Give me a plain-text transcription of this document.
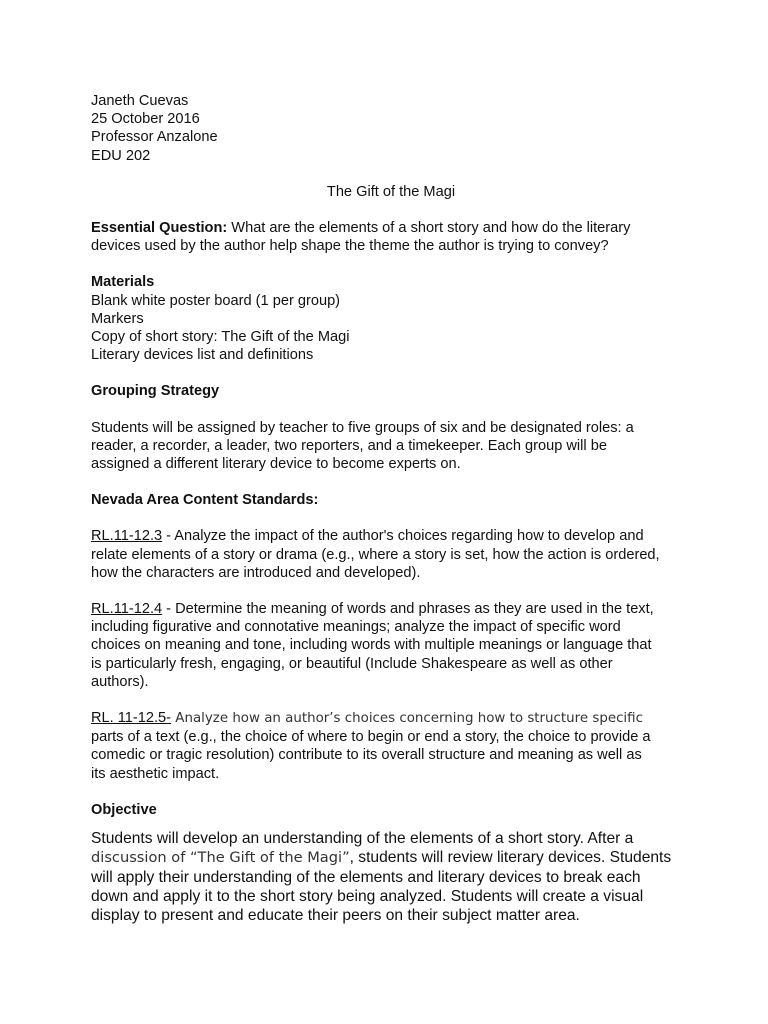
Janeth Cuevas
25 October 2016
Professor Anzalone
EDU 202
The Gift of the Magi
Essential Question: What are the elements of a short story and how do the literary
devices used by the author help shape the theme the author is trying to convey?
Materials
Blank white poster board (1 per group)
Markers
Copy of short story: The Gift of the Magi
Literary devices list and definitions
Grouping Strategy
Students will be assigned by teacher to five groups of six and be designated roles: a
reader, a recorder, a leader, two reporters, and a timekeeper. Each group will be
assigned a different literary device to become experts on.
Nevada Area Content Standards:
RL.11-12.3 - Analyze the impact of the author's choices regarding how to develop and
relate elements of a story or drama (e.g., where a story is set, how the action is ordered,
how the characters are introduced and developed).
RL.11-12.4 - Determine the meaning of words and phrases as they are used in the text,
including figurative and connotative meanings; analyze the impact of specific word
choices on meaning and tone, including words with multiple meanings or language that
is particularly fresh, engaging, or beautiful (Include Shakespeare as well as other
authors).
RL. 11-12.5- Analyze how an author’s choices concerning how to structure specific
parts of a text (e.g., the choice of where to begin or end a story, the choice to provide a
comedic or tragic resolution) contribute to its overall structure and meaning as well as
its aesthetic impact.
Objective
Students will develop an understanding of the elements of a short story. After a
discussion of “The Gift of the Magi”, students will review literary devices. Students
will apply their understanding of the elements and literary devices to break each
down and apply it to the short story being analyzed. Students will create a visual
display to present and educate their peers on their subject matter area.
